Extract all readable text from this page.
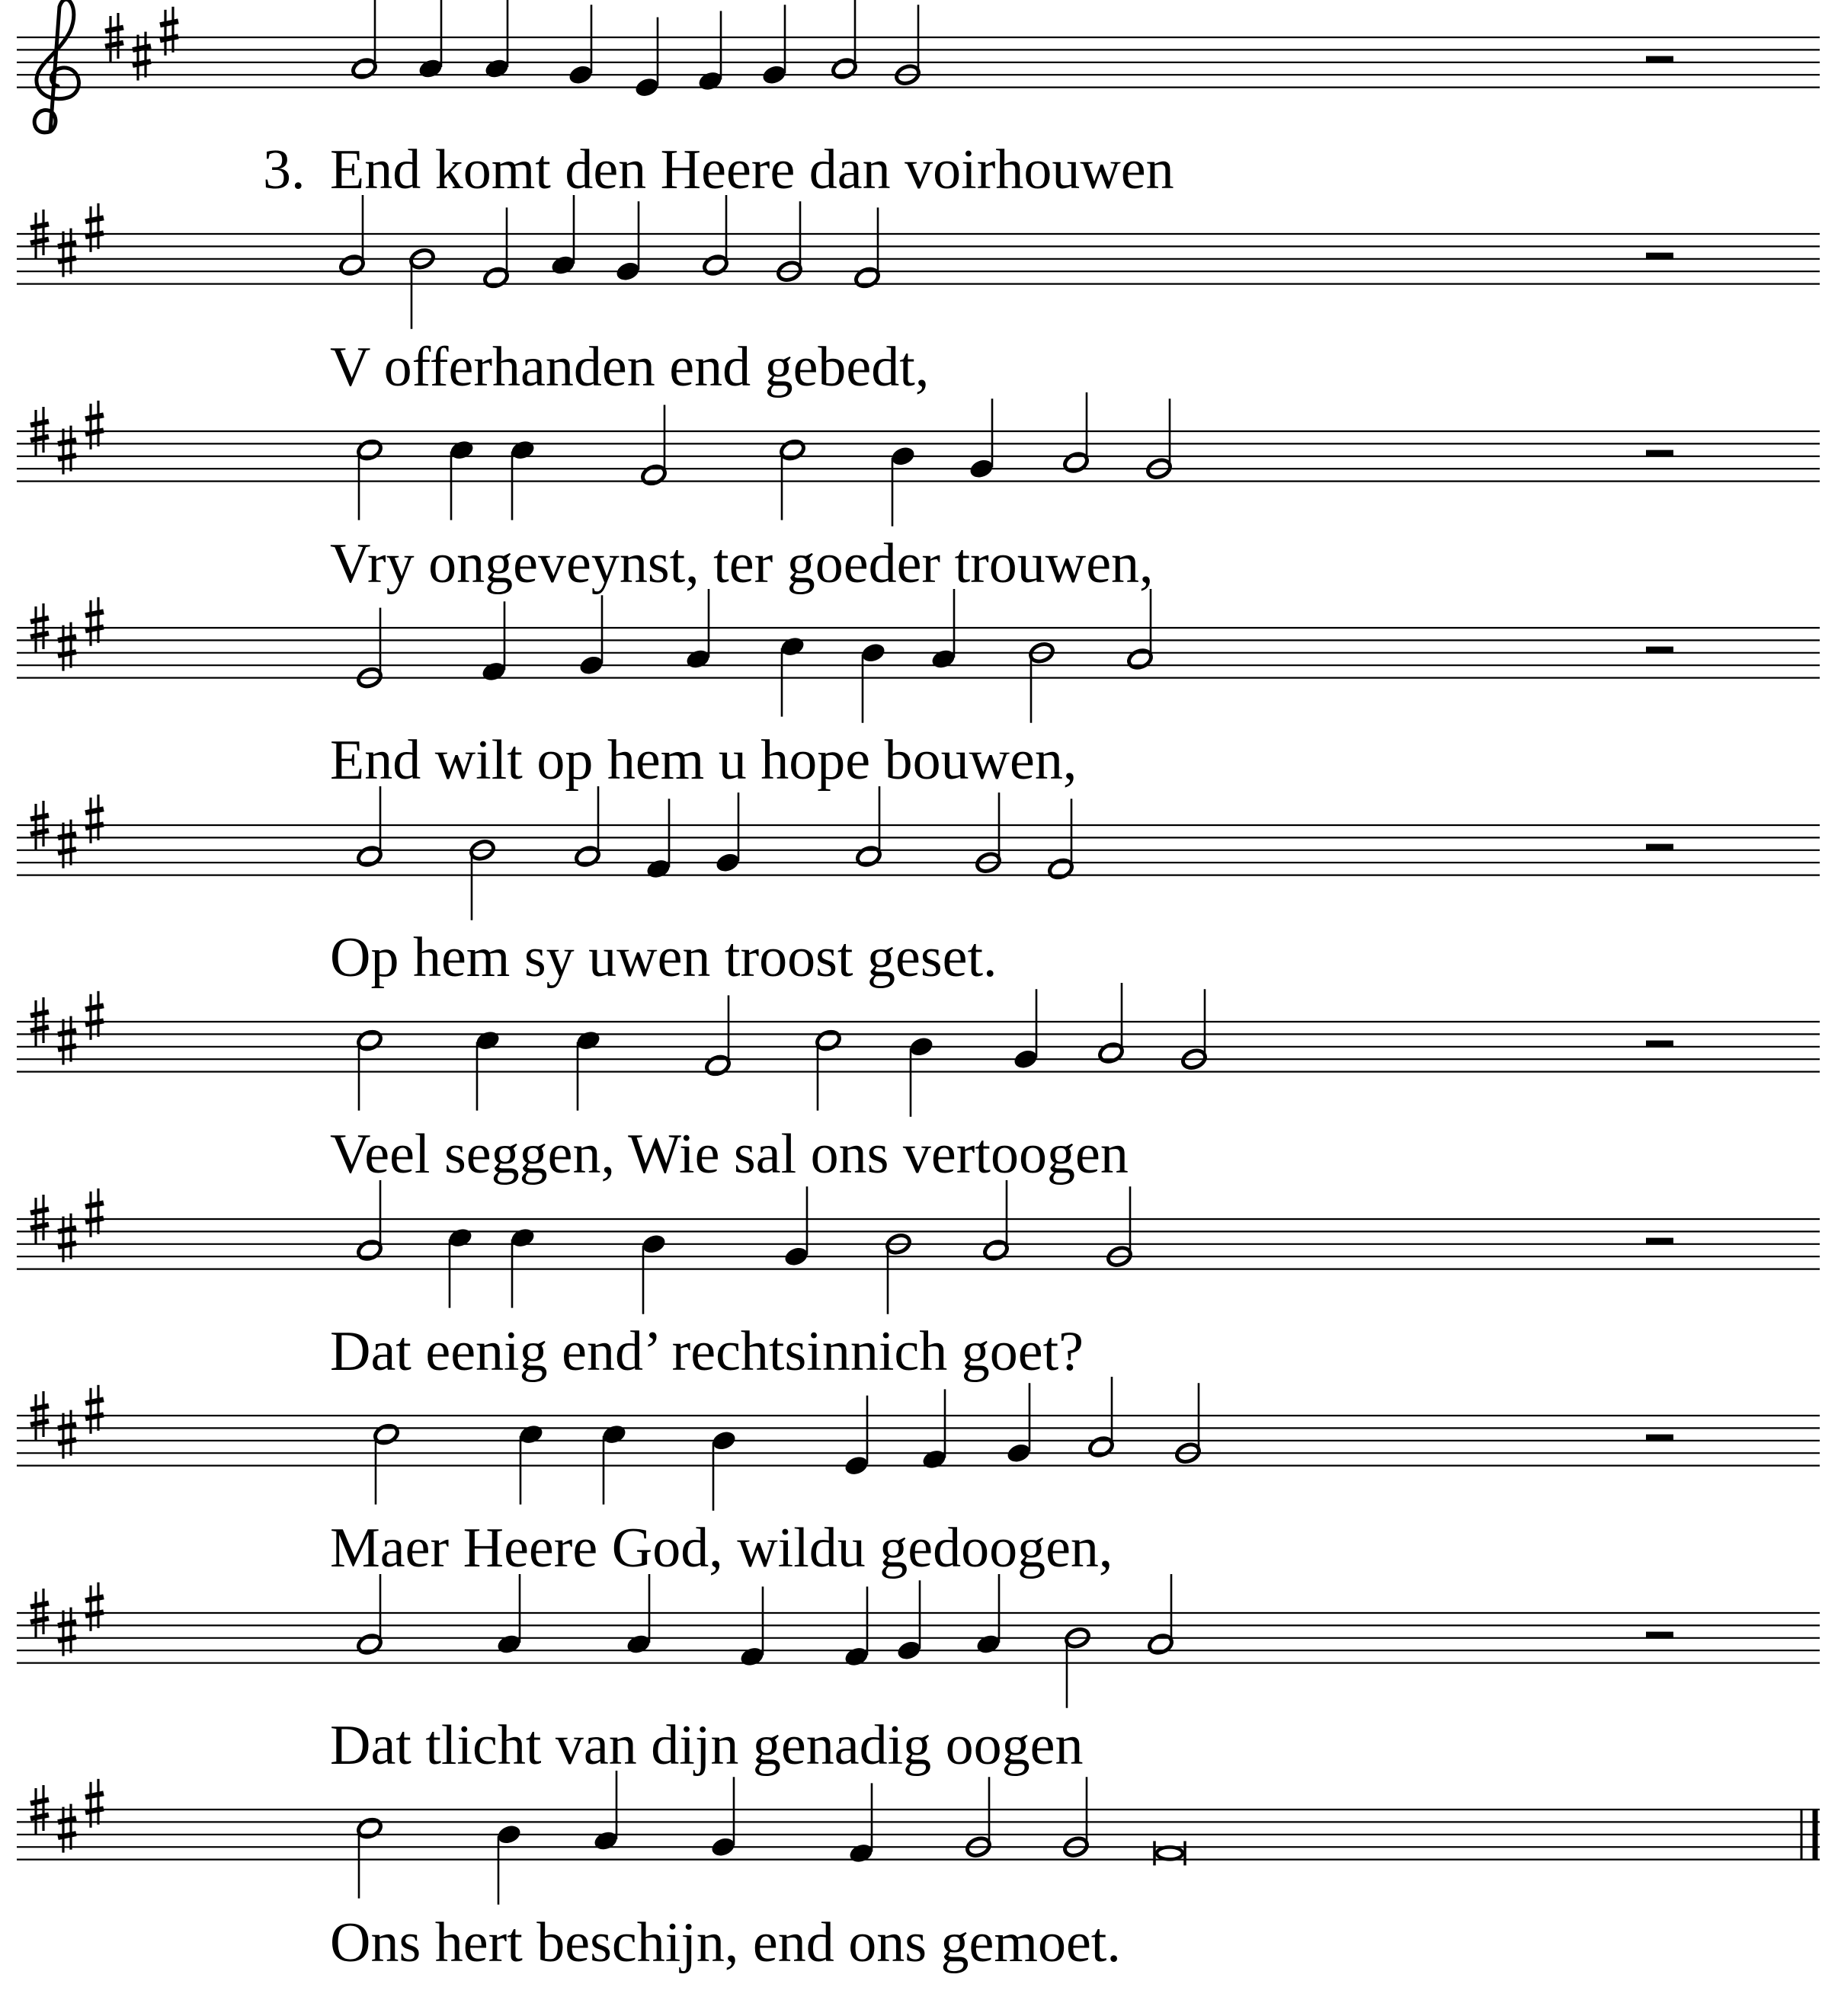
3. End komt den Heere dan voirhouwen
V offerhanden end gebedt,
Vry ongeveynst, ter goeder trouwen,
End wilt op hem u hope bouwen,
Op hem sy uwen troost geset.
Veel seggen, Wie sal ons vertoogen
Dat eenig end’ rechtsinnich goet?
Maer Heere God, wildu gedoogen,
Dat tlicht van dijn genadig oogen
Ons hert beschijn, end ons gemoet.
